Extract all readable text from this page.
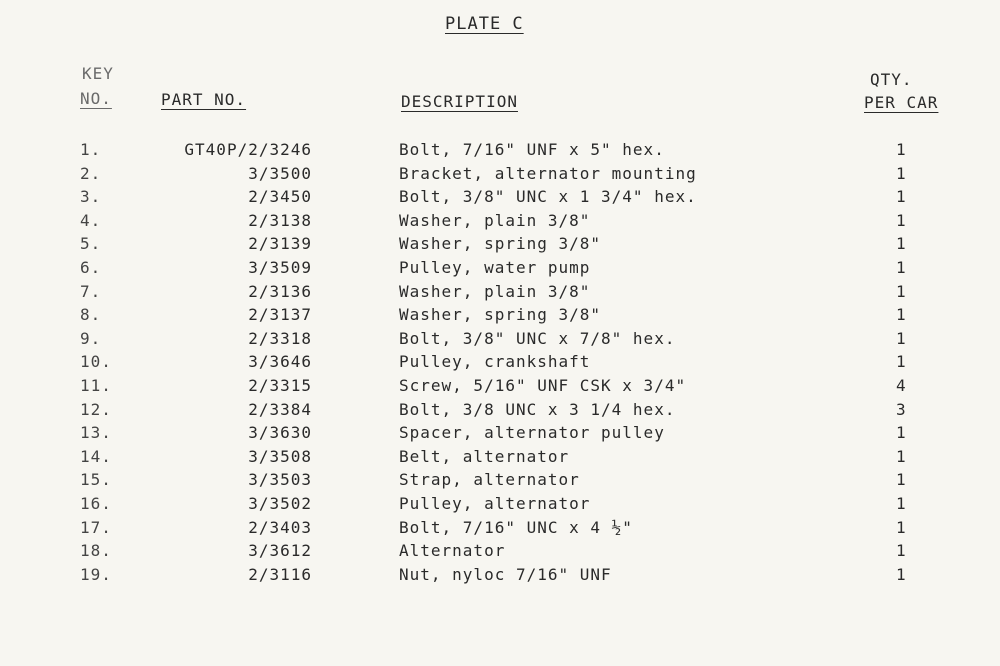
PLATE C
KEY
NO.	PART NO.	DESCRIPTION
QTY.
PER CAR
1.	GT40P/2/3246	Bolt, 7/16" UNF x 5" hex.	1
2.	3/3500	Bracket, alternator mounting	1
3.	2/3450	Bolt, 3/8" UNC x 1 3/4" hex.	1
4.	2/3138	Washer, plain 3/8"	1
5.	2/3139	Washer, spring 3/8"	1
6.	3/3509	Pulley, water pump	1
7.	2/3136	Washer, plain 3/8"	1
8.	2/3137	Washer, spring 3/8"	1
9.	2/3318	Bolt, 3/8" UNC x 7/8" hex.	1
10.	3/3646	Pulley, crankshaft	1
11.	2/3315	Screw, 5/16" UNF CSK x 3/4"	4
12.	2/3384	Bolt, 3/8 UNC x 3 1/4 hex.	3
13.	3/3630	Spacer, alternator pulley	1
14.	3/3508	Belt, alternator	1
15.	3/3503	Strap, alternator	1
16.	3/3502	Pulley, alternator	1
17.	2/3403	Bolt, 7/16" UNC x 4 ½"	1
18.	3/3612	Alternator	1
19.	2/3116	Nut, nyloc 7/16" UNF	1
